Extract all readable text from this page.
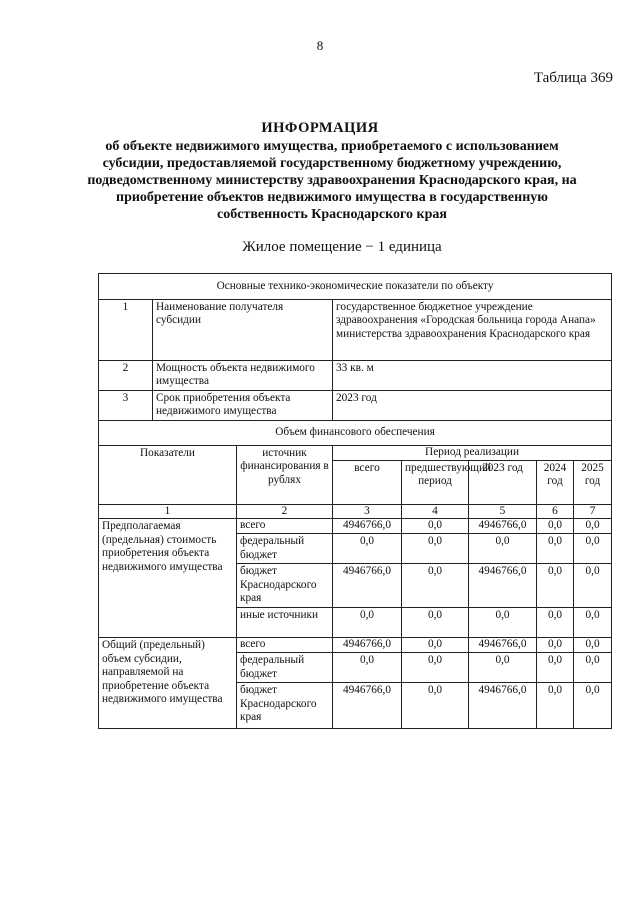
8
Таблица 369
ИНФОРМАЦИЯ
об объекте недвижимого имущества, приобретаемого с использованием субсидии, предоставляемой государственному бюджетному учреждению, подведомственному министерству здравоохранения Краснодарского края, на приобретение объектов недвижимого имущества в государственную собственность Краснодарского края
Жилое помещение − 1 единица
Основные технико-экономические показатели по объекту							
1	Наименование получателя субсидии		государственное бюджетное учреждение здравоохранения «Городская больница города Анапа» министерства здравоохранения Краснодарского края				
2	Мощность объекта недвижимого имущества		33 кв. м				
3	Срок приобретения объекта недвижимого имущества		2023 год				
Объем финансового обеспечения							
Показатели		источник финансирования в рублях	Период реализации				
			всего	предшествующий период	2023 год	2024 год	2025 год
1		2	3	4	5	6	7
Предполагаемая (предельная) стоимость приобретения объекта недвижимого имущества		всего	4946766,0	0,0	4946766,0	0,0	0,0
		федеральный бюджет	0,0	0,0	0,0	0,0	0,0
		бюджет Краснодарского края	4946766,0	0,0	4946766,0	0,0	0,0
		иные источники	0,0	0,0	0,0	0,0	0,0
Общий (предельный) объем субсидии, направляемой на приобретение объекта недвижимого имущества		всего	4946766,0	0,0	4946766,0	0,0	0,0
		федеральный бюджет	0,0	0,0	0,0	0,0	0,0
		бюджет Краснодарского края	4946766,0	0,0	4946766,0	0,0	0,0
